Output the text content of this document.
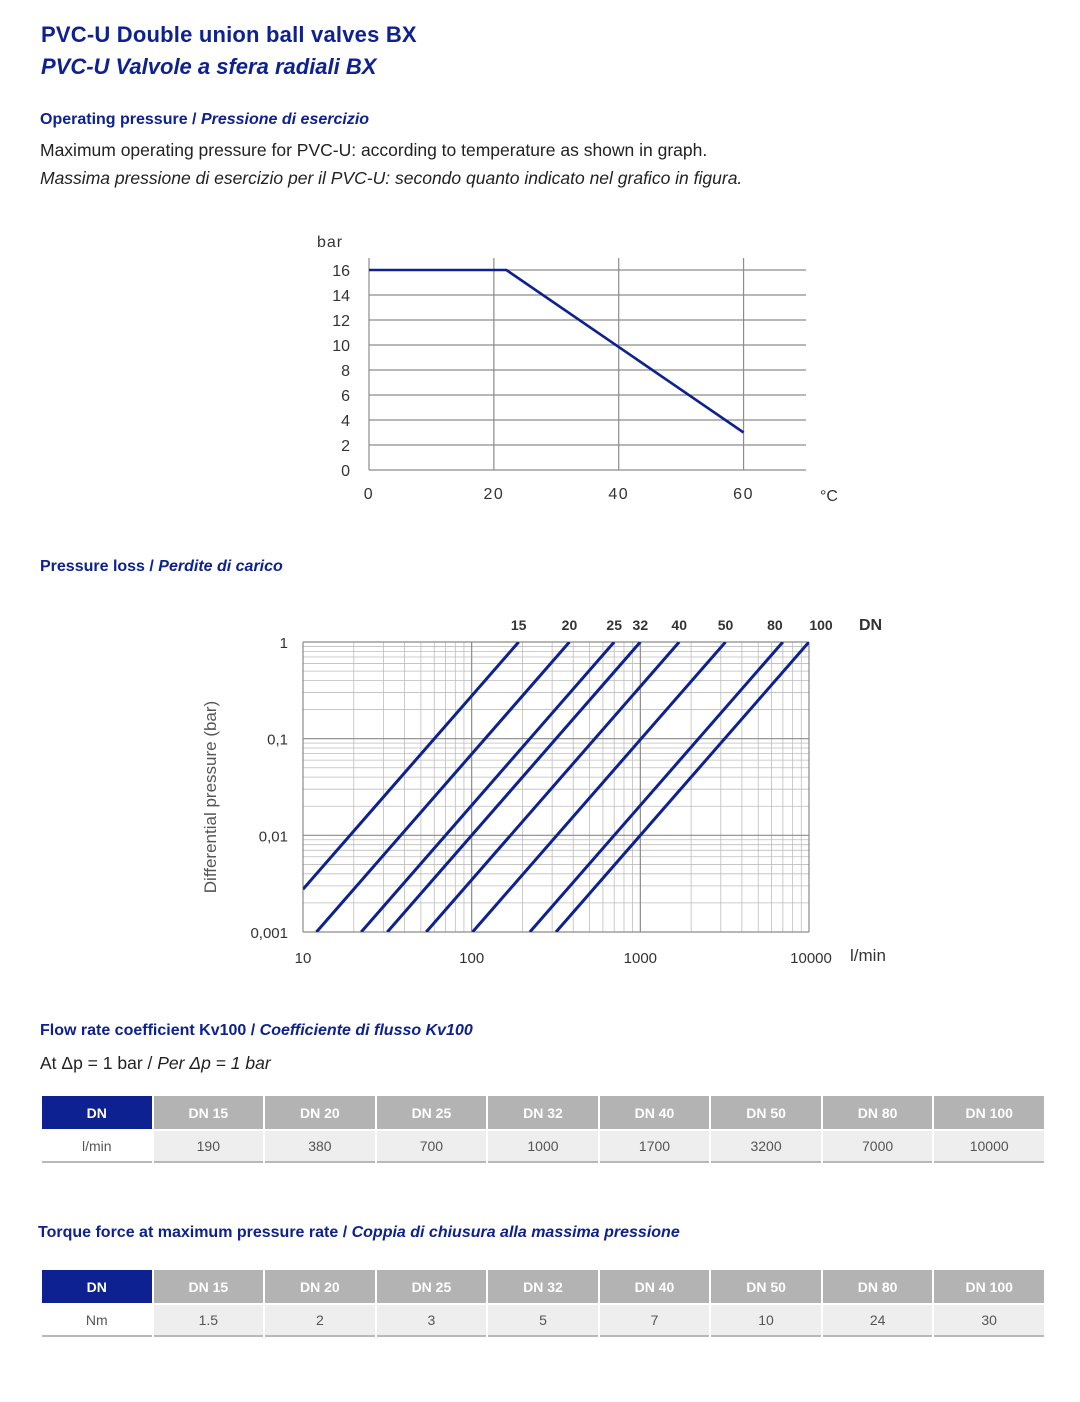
PVC-U Double union ball valves BX
PVC-U Valvole a sfera radiali BX
Operating pressure / Pressione di esercizio
Maximum operating pressure for PVC-U: according to temperature as shown in graph.
Massima pressione di esercizio per il PVC-U: secondo quanto indicato nel grafico in figura.
0
2
4
6
8
10
12
14
16
0	20	40	60
bar
°C
Pressure loss / Perdite di carico
1
0,1
0,01
0,001
10	100	1000	10000 l/min
Differential pressure (bar)
DN
15	20 25 32 40 50 80 100
Flow rate coefficient Kv100 / Coefficiente di flusso Kv100
At Δp = 1 bar / Per Δp = 1 bar
DN	DN 15	DN 20	DN 25	DN 32	DN 40	DN 50	DN 80	DN 100
l/min	190	380	700	1000	1700	3200	7000	10000
Torque force at maximum pressure rate / Coppia di chiusura alla massima pressione
DN	DN 15	DN 20	DN 25	DN 32	DN 40	DN 50	DN 80	DN 100
Nm	1.5	2	3	5	7	10	24	30
